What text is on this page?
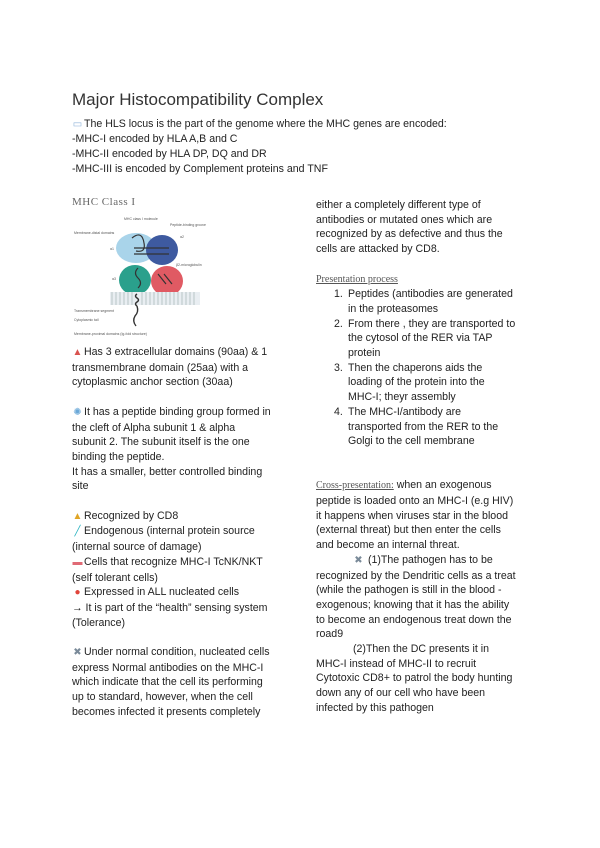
Major Histocompatibility Complex
▭ The HLS locus is the part of the genome where the MHC genes are encoded:
-MHC-I encoded by HLA A,B and C
-MHC-II encoded by HLA DP, DQ and DR
-MHC-III is encoded by Complement proteins and TNF
MHC Class I
MHC class I molecule
Peptide-binding groove
Membrane-distal domains
Membrane-proximal domains (Ig-fold structure)
Transmembrane segment
Cytoplasmic tail
β2-microglobulin
α1
α2
α3
▲ Has 3 extracellular domains (90aa) & 1
transmembrane domain (25aa) with a
cytoplasmic anchor section (30aa)
✺ It has a peptide binding group formed in
the cleft of Alpha subunit 1 & alpha
subunit 2. The subunit itself is the one
binding the peptide.
It has a smaller, better controlled binding
site
▲ Recognized by CD8
╱ Endogenous (internal protein source
(internal source of damage)
▬ Cells that recognize MHC-I TcNK/NKT
(self tolerant cells)
● Expressed in ALL nucleated cells
→ It is part of the “health” sensing system
(Tolerance)
✖ Under normal condition, nucleated cells
express Normal antibodies on the MHC-I
which indicate that the cell its performing
up to standard, however, when the cell
becomes infected it presents completely
either a completely different type of
antibodies or mutated ones which are
recognized by as defective and thus the
cells are attacked by CD8.
Presentation process
1. Peptides (antibodies are generated
in the proteasomes
2. From there , they are transported to
the cytosol of the RER via TAP
protein
3. Then the chaperons aids the
loading of the protein into the
MHC-I; theyr assembly
4. The MHC-I/antibody are
transported from the RER to the
Golgi to the cell membrane
Cross-presentation: when an exogenous
peptide is loaded onto an MHC-I (e.g HIV)
it happens when viruses star in the blood
(external threat) but then enter the cells
and become an internal threat.
✖ (1)The pathogen has to be
recognized by the Dendritic cells as a treat
(while the pathogen is still in the blood -
exogenous; knowing that it has the ability
to become an endogenous treat down the
road9
(2)Then the DC presents it in
MHC-I instead of MHC-II to recruit
Cytotoxic CD8+ to patrol the body hunting
down any of our cell who have been
infected by this pathogen
